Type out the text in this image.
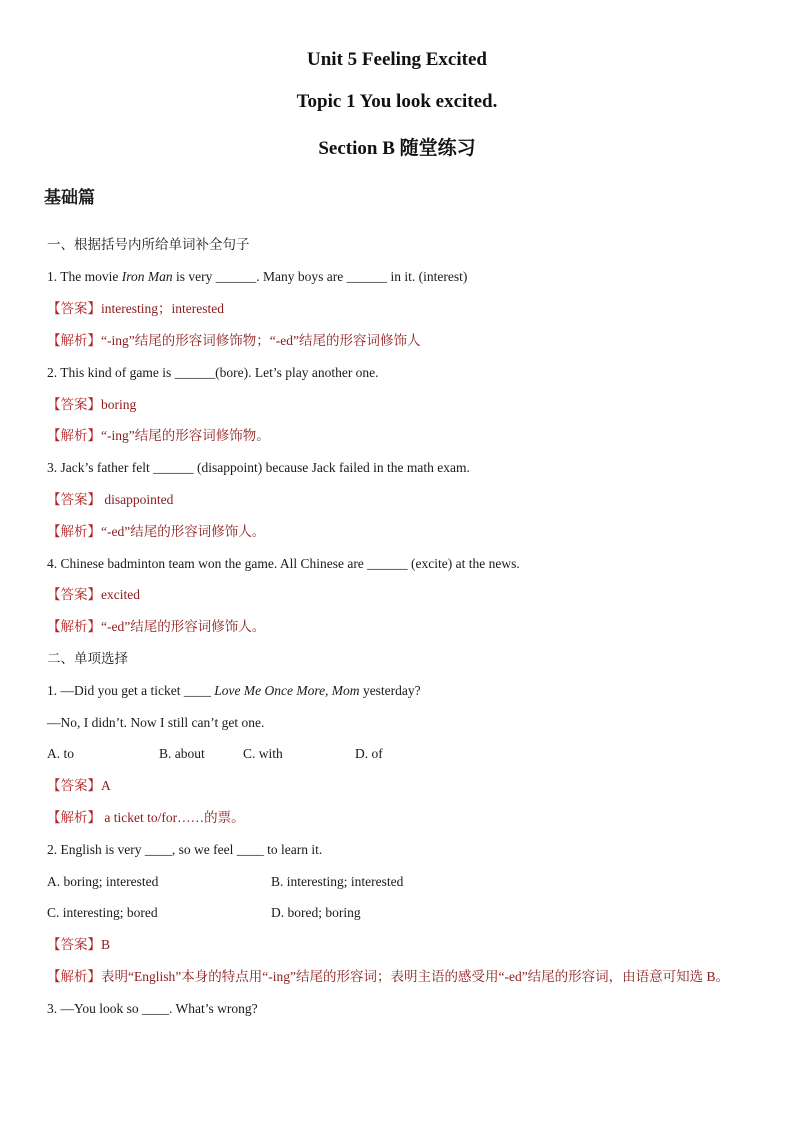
Unit 5 Feeling Excited
Topic 1 You look excited.
Section B 随堂练习
基础篇
一、根据括号内所给单词补全句子
1. The movie Iron Man is very ______. Many boys are ______ in it. (interest)
【答案】interesting；interested
【解析】“-ing”结尾的形容词修饰物；“-ed”结尾的形容词修饰人
2. This kind of game is ______(bore). Let’s play another one.
【答案】boring
【解析】“-ing”结尾的形容词修饰物。
3. Jack’s father felt ______ (disappoint) because Jack failed in the math exam.
【答案】 disappointed
【解析】“-ed”结尾的形容词修饰人。
4. Chinese badminton team won the game. All Chinese are ______ (excite) at the news.
【答案】excited
【解析】“-ed”结尾的形容词修饰人。
二、单项选择
1. —Did you get a ticket ____ Love Me Once More, Mom yesterday?
—No, I didn’t. Now I still can’t get one.
A. to	B. about	C. with	D. of
【答案】A
【解析】 a ticket to/for……的票。
2. English is very ____, so we feel ____ to learn it.
A. boring; interested	B. interesting; interested
C. interesting; bored	D. bored; boring
【答案】B
【解析】表明“English”本身的特点用“-ing”结尾的形容词；表明主语的感受用“-ed”结尾的形容词，由语意可知选 B。
3. —You look so ____. What’s wrong?
